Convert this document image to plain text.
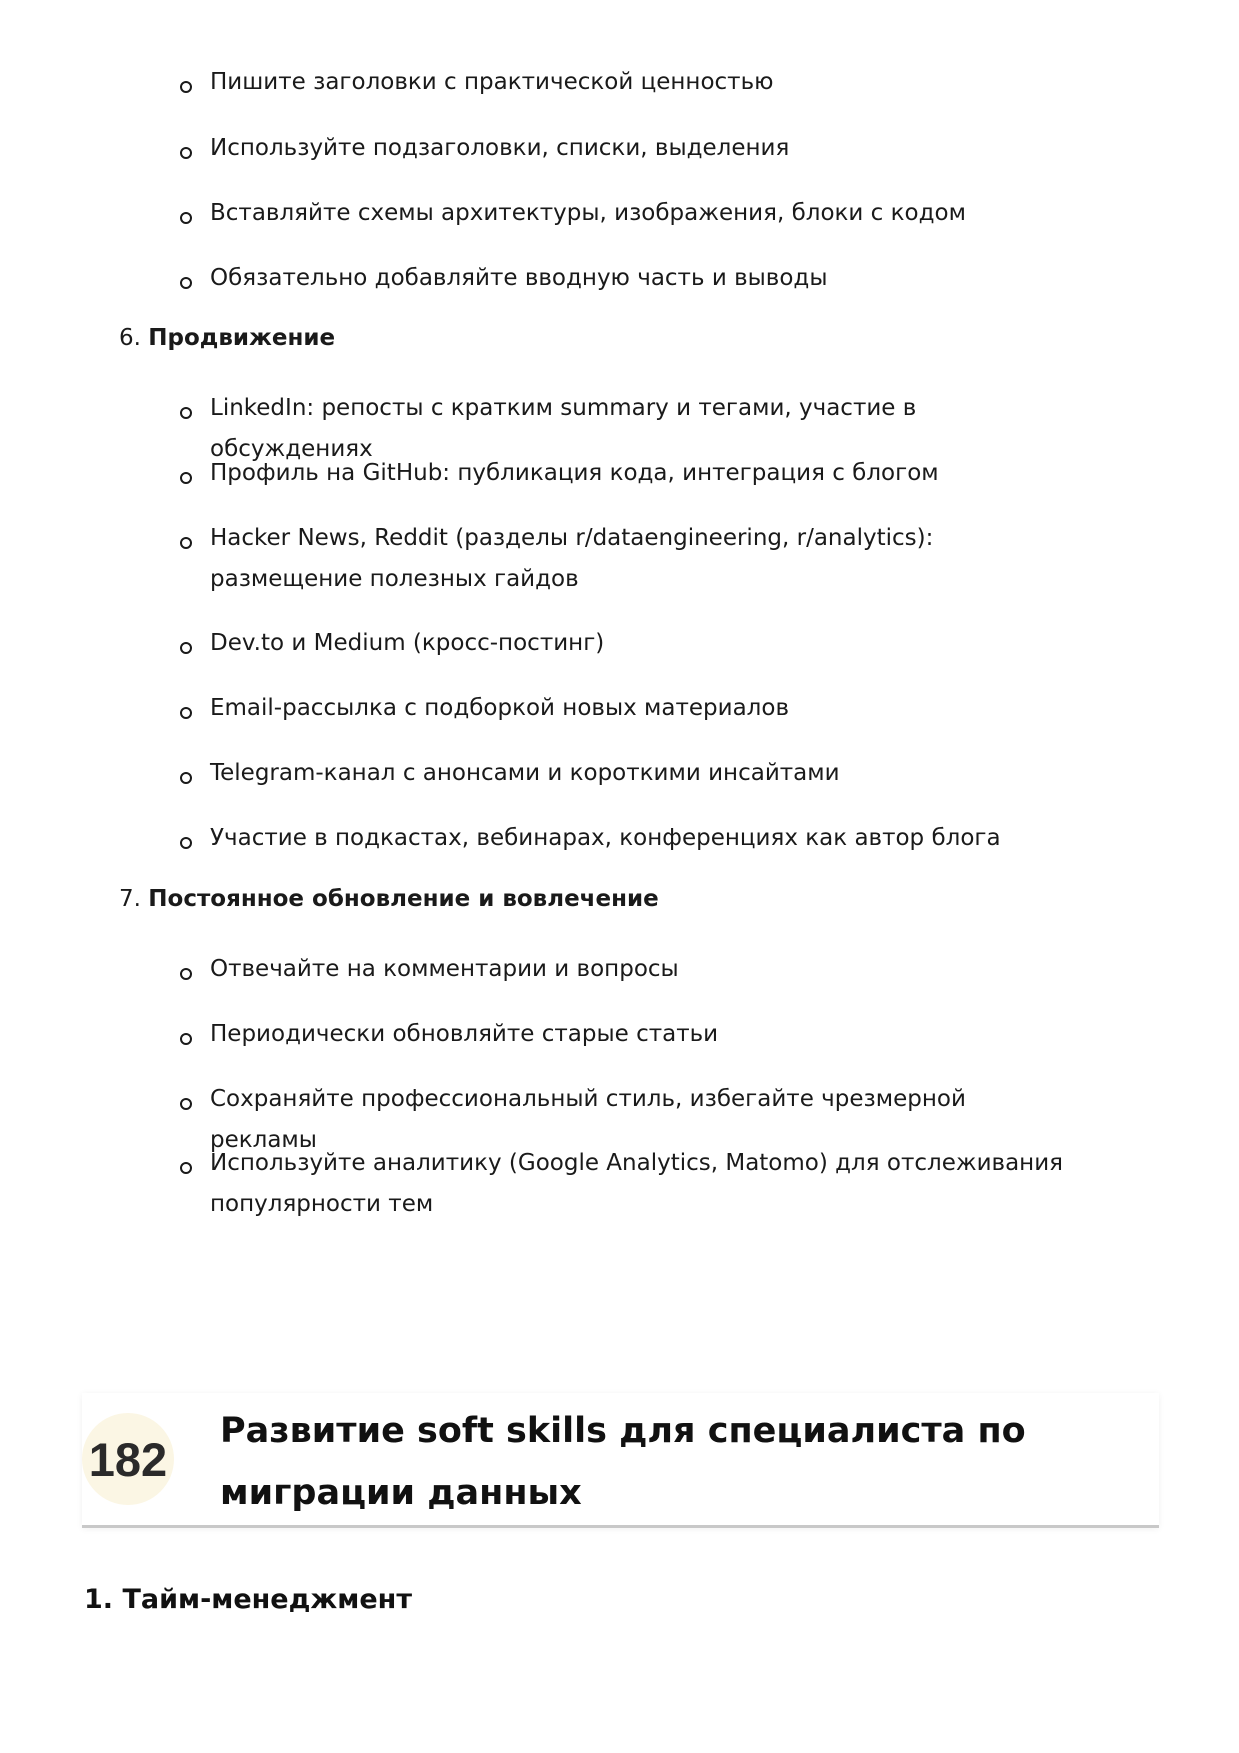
Пишите заголовки с практической ценностью
Используйте подзаголовки, списки, выделения
Вставляйте схемы архитектуры, изображения, блоки с кодом
Обязательно добавляйте вводную часть и выводы
6. Продвижение
LinkedIn: репосты с кратким summary и тегами, участие в обсуждениях
Профиль на GitHub: публикация кода, интеграция с блогом
Hacker News, Reddit (разделы r/dataengineering, r/analytics): размещение полезных гайдов
Dev.to и Medium (кросс-постинг)
Email-рассылка с подборкой новых материалов
Telegram-канал с анонсами и короткими инсайтами
Участие в подкастах, вебинарах, конференциях как автор блога
7. Постоянное обновление и вовлечение
Отвечайте на комментарии и вопросы
Периодически обновляйте старые статьи
Сохраняйте профессиональный стиль, избегайте чрезмерной рекламы
Используйте аналитику (Google Analytics, Matomo) для отслеживания популярности тем
182
Развитие soft skills для специалиста по миграции данных
1. Тайм-менеджмент
